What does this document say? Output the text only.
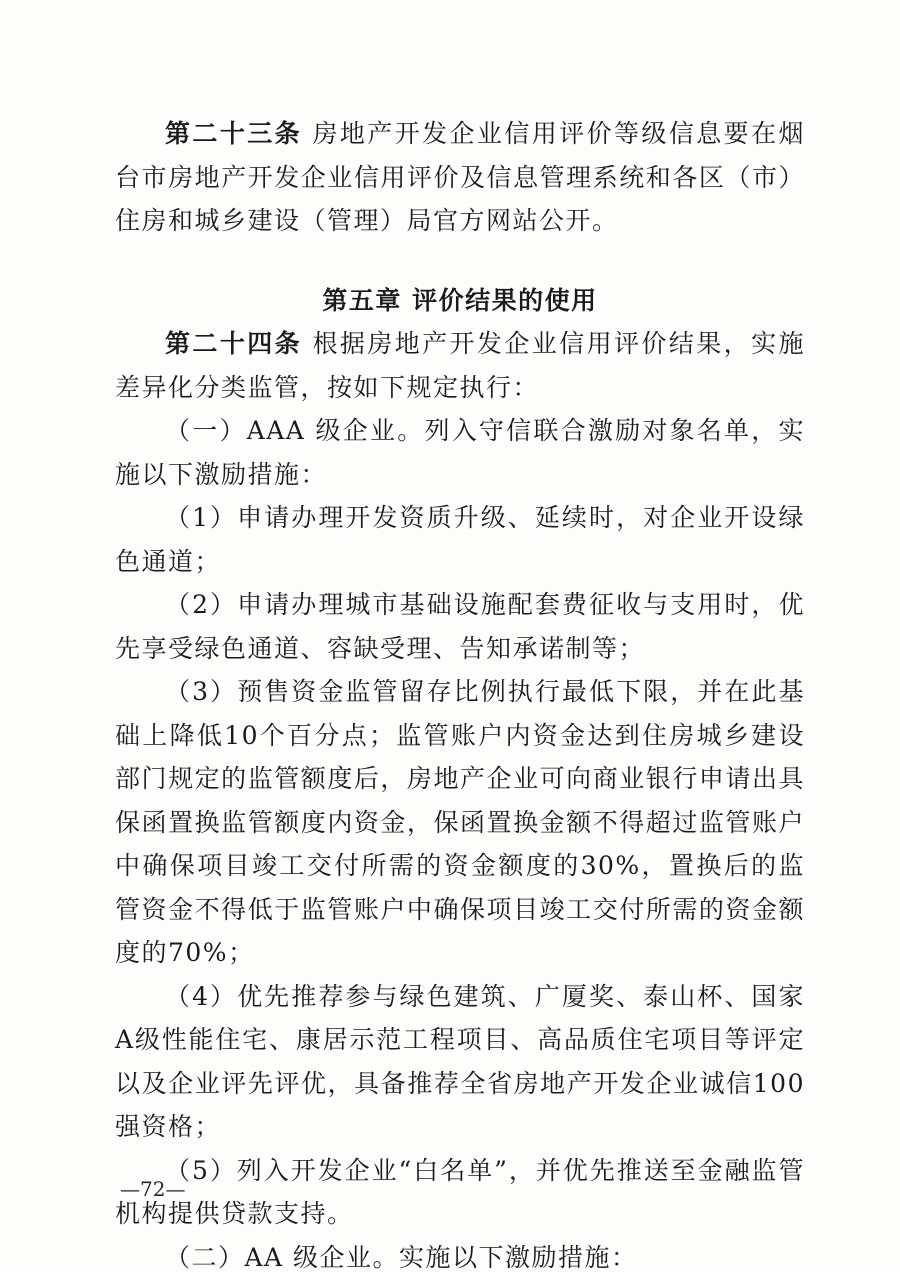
第二十三条 房地产开发企业信用评价等级信息要在烟台市房地产开发企业信用评价及信息管理系统和各区（市）住房和城乡建设（管理）局官方网站公开。

第五章 评价结果的使用

第二十四条 根据房地产开发企业信用评价结果，实施差异化分类监管，按如下规定执行：

（一）AAA 级企业。列入守信联合激励对象名单，实施以下激励措施：

（1）申请办理开发资质升级、延续时，对企业开设绿色通道；

（2）申请办理城市基础设施配套费征收与支用时，优先享受绿色通道、容缺受理、告知承诺制等；

（3）预售资金监管留存比例执行最低下限，并在此基础上降低10个百分点；监管账户内资金达到住房城乡建设部门规定的监管额度后，房地产企业可向商业银行申请出具保函置换监管额度内资金，保函置换金额不得超过监管账户中确保项目竣工交付所需的资金额度的30%，置换后的监管资金不得低于监管账户中确保项目竣工交付所需的资金额度的70%；

（4）优先推荐参与绿色建筑、广厦奖、泰山杯、国家A级性能住宅、康居示范工程项目、高品质住宅项目等评定以及企业评先评优，具备推荐全省房地产开发企业诚信100强资格；

（5）列入开发企业“白名单”，并优先推送至金融监管机构提供贷款支持。

（二）AA 级企业。实施以下激励措施：

—72—
